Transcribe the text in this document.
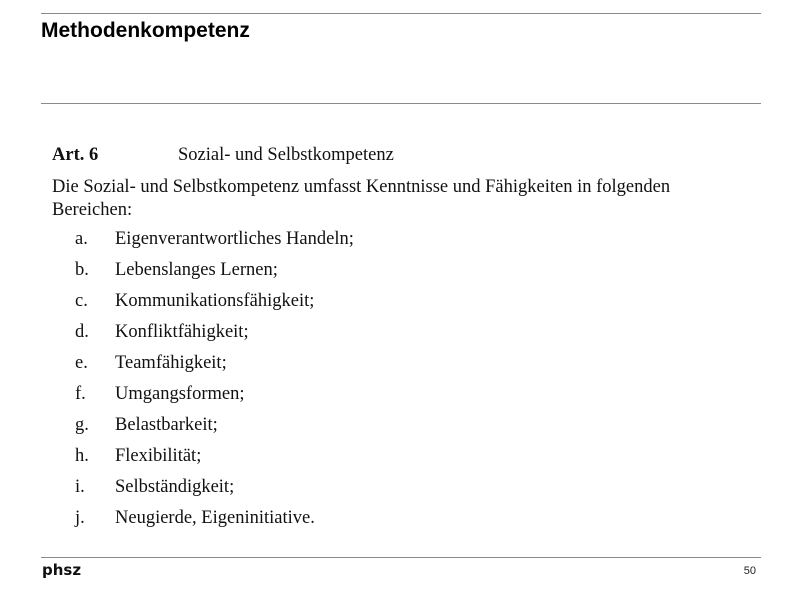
Methodenkompetenz
Art. 6	Sozial- und Selbstkompetenz
Die Sozial- und Selbstkompetenz umfasst Kenntnisse und Fähigkeiten in folgenden Bereichen:
a. Eigenverantwortliches Handeln;
b. Lebenslanges Lernen;
c. Kommunikationsfähigkeit;
d. Konfliktfähigkeit;
e. Teamfähigkeit;
f. Umgangsformen;
g. Belastbarkeit;
h. Flexibilität;
i. Selbständigkeit;
j. Neugierde, Eigeninitiative.
phsz	50
